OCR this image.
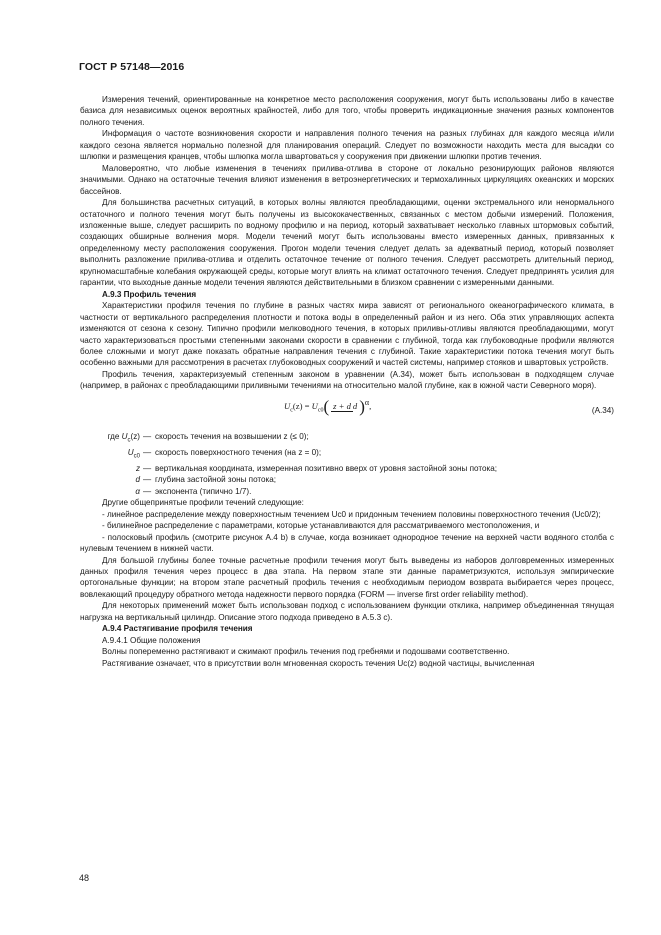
ГОСТ Р 57148—2016

Измерения течений, ориентированные на конкретное место расположения сооружения, могут быть использованы либо в качестве базиса для независимых оценок вероятных крайностей, либо для того, чтобы проверить индикационные значения разных компонентов полного течения.

Информация о частоте возникновения скорости и направления полного течения на разных глубинах для каждого месяца и/или каждого сезона является нормально полезной для планирования операций. Следует по возможности находить места для высадки со шлюпки и размещения кранцев, чтобы шлюпка могла швартоваться у сооружения при движении шлюпки против течения.

Маловероятно, что любые изменения в течениях прилива-отлива в стороне от локально резонирующих районов являются значимыми. Однако на остаточные течения влияют изменения в ветроэнергетических и термохалинных циркуляциях океанских и морских бассейнов.

Для большинства расчетных ситуаций, в которых волны являются преобладающими, оценки экстремального или ненормального остаточного и полного течения могут быть получены из высококачественных, связанных с местом добычи измерений. Положения, изложенные выше, следует расширить по водному профилю и на период, который захватывает несколько главных штормовых событий, создающих обширные волнения моря. Модели течений могут быть использованы вместо измеренных данных, привязанных к определенному месту расположения сооружения. Прогон модели течения следует делать за адекватный период, который позволяет выполнить разложение прилива-отлива и отделить остаточное течение от полного течения. Следует рассмотреть длительный период, крупномасштабные колебания окружающей среды, которые могут влиять на климат остаточного течения. Следует предпринять усилия для гарантии, что выходные данные модели течения являются действительными в близком сравнении с измеренными данными.

А.9.3 Профиль течения

Характеристики профиля течения по глубине в разных частях мира зависят от регионального океанографического климата, в частности от вертикального распределения плотности и потока воды в определенный район и из него. Оба этих управляющих аспекта изменяются от сезона к сезону. Типично профили мелководного течения, в которых приливы-отливы являются преобладающими, могут часто характеризоваться простыми степенными законами скорости в сравнении с глубиной, тогда как глубоководные профили являются более сложными и могут даже показать обратные направления течения с глубиной. Такие характеристики потока течения могут быть особенно важными для рассмотрения в расчетах глубоководных сооружений и частей системы, например стояков и швартовых устройств.

Профиль течения, характеризуемый степенным законом в уравнении (А.34), может быть использован в подходящем случае (например, в районах с преобладающими приливными течениями на относительно малой глубине, как в южной части Северного моря).

$U_c(z) = U_{c0}$( z + d d )α,	(А.34)
где $U_c(z)$ — скорость течения на возвышении z (≤ 0);
$U_{c0}$ — скорость поверхностного течения (на z = 0);
z — вертикальная координата, измеренная позитивно вверх от уровня застойной зоны потока;
d — глубина застойной зоны потока;
α — экспонента (типично 1/7).

Другие общепринятые профили течений следующие:

- линейное распределение между поверхностным течением Uc0 и придонным течением половины поверхностного течения (Uc0/2);

- билинейное распределение с параметрами, которые устанавливаются для рассматриваемого местоположения, и

- полосковый профиль (смотрите рисунок А.4 b) в случае, когда возникает однородное течение на верхней части водяного столба с нулевым течением в нижней части.

Для большой глубины более точные расчетные профили течения могут быть выведены из наборов долговременных измеренных данных профиля течения через процесс в два этапа. На первом этапе эти данные параметризуются, используя эмпирические ортогональные функции; на втором этапе расчетный профиль течения с необходимым периодом возврата выбирается через процесс, вовлекающий процедуру обратного метода надежности первого порядка (FORM — inverse first order reliability method).

Для некоторых применений может быть использован подход с использованием функции отклика, например объединенная тянущая нагрузка на вертикальный цилиндр. Описание этого подхода приведено в А.5.3 с).

А.9.4 Растягивание профиля течения
А.9.4.1 Общие положения

Волны попеременно растягивают и сжимают профиль течения под гребнями и подошвами соответственно.

Растягивание означает, что в присутствии волн мгновенная скорость течения Uc(z) водной частицы, вычисленная

48
